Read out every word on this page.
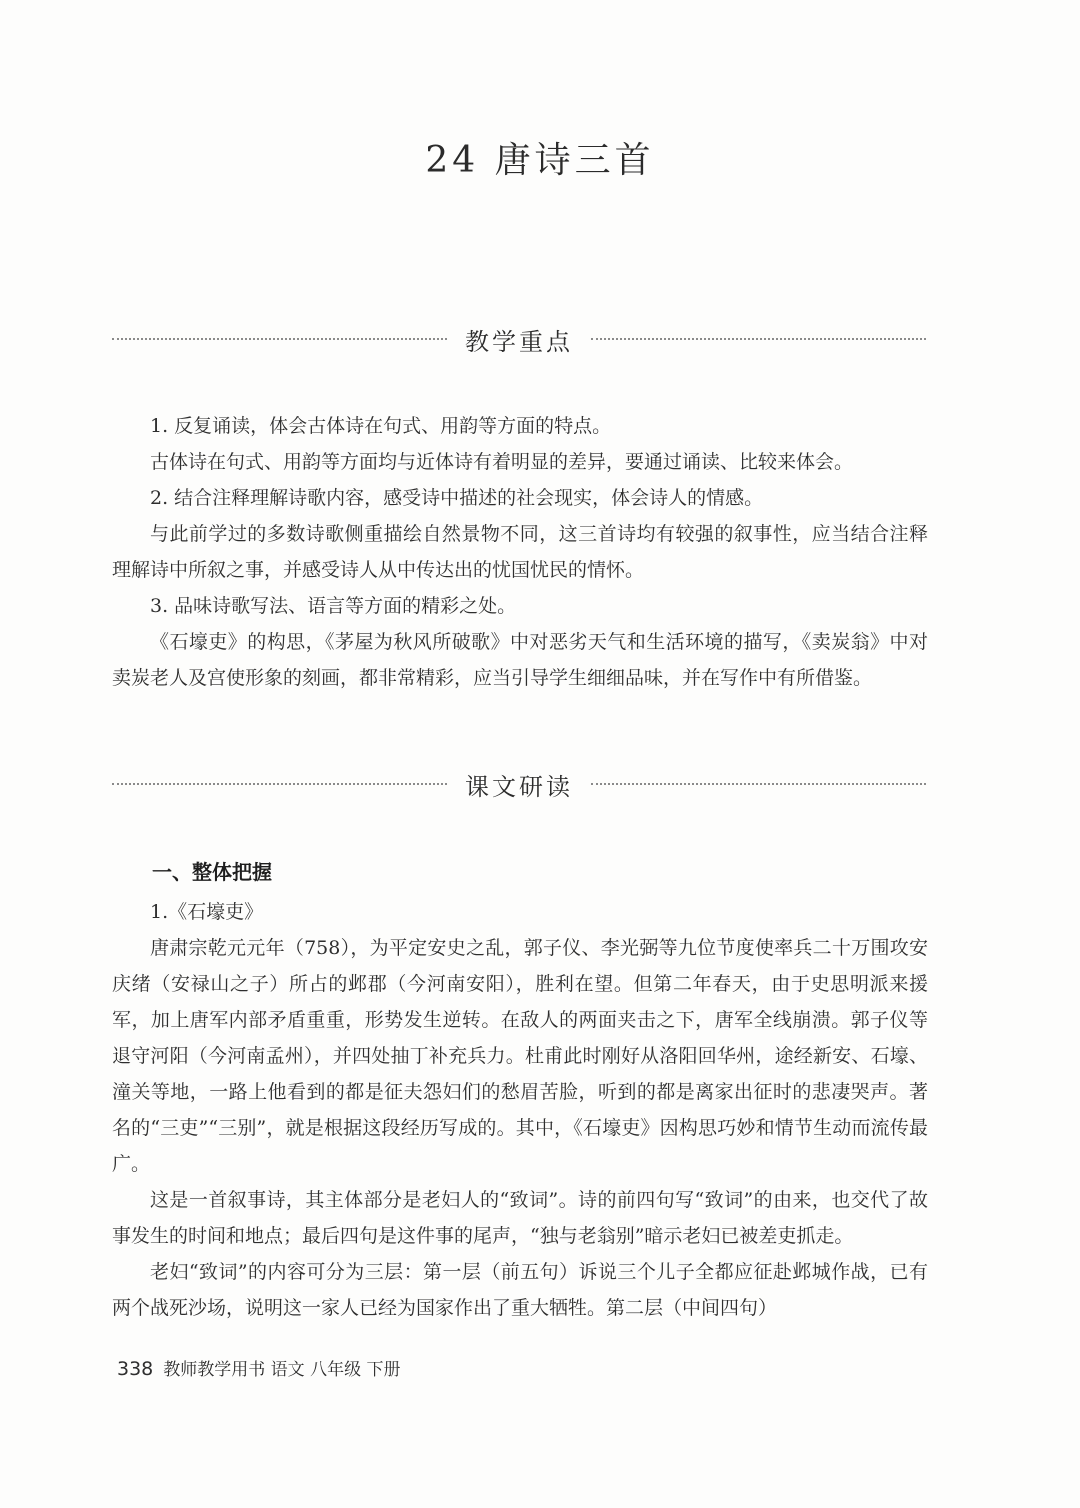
24 唐诗三首
教学重点

1. 反复诵读，体会古体诗在句式、用韵等方面的特点。

古体诗在句式、用韵等方面均与近体诗有着明显的差异，要通过诵读、比较来体会。

2. 结合注释理解诗歌内容，感受诗中描述的社会现实，体会诗人的情感。

与此前学过的多数诗歌侧重描绘自然景物不同，这三首诗均有较强的叙事性，应当结合注释理解诗中所叙之事，并感受诗人从中传达出的忧国忧民的情怀。

3. 品味诗歌写法、语言等方面的精彩之处。

《石壕吏》的构思，《茅屋为秋风所破歌》中对恶劣天气和生活环境的描写，《卖炭翁》中对卖炭老人及宫使形象的刻画，都非常精彩，应当引导学生细细品味，并在写作中有所借鉴。

课文研读
一、整体把握

1.《石壕吏》

唐肃宗乾元元年（758），为平定安史之乱，郭子仪、李光弼等九位节度使率兵二十万围攻安庆绪（安禄山之子）所占的邺郡（今河南安阳），胜利在望。但第二年春天，由于史思明派来援军，加上唐军内部矛盾重重，形势发生逆转。在敌人的两面夹击之下，唐军全线崩溃。郭子仪等退守河阳（今河南孟州），并四处抽丁补充兵力。杜甫此时刚好从洛阳回华州，途经新安、石壕、潼关等地，一路上他看到的都是征夫怨妇们的愁眉苦脸，听到的都是离家出征时的悲凄哭声。著名的“三吏”“三别”，就是根据这段经历写成的。其中，《石壕吏》因构思巧妙和情节生动而流传最广。

这是一首叙事诗，其主体部分是老妇人的“致词”。诗的前四句写“致词”的由来，也交代了故事发生的时间和地点；最后四句是这件事的尾声，“独与老翁别”暗示老妇已被差吏抓走。

老妇“致词”的内容可分为三层：第一层（前五句）诉说三个儿子全都应征赴邺城作战，已有两个战死沙场，说明这一家人已经为国家作出了重大牺牲。第二层（中间四句）

338 教师教学用书 语文 八年级 下册
